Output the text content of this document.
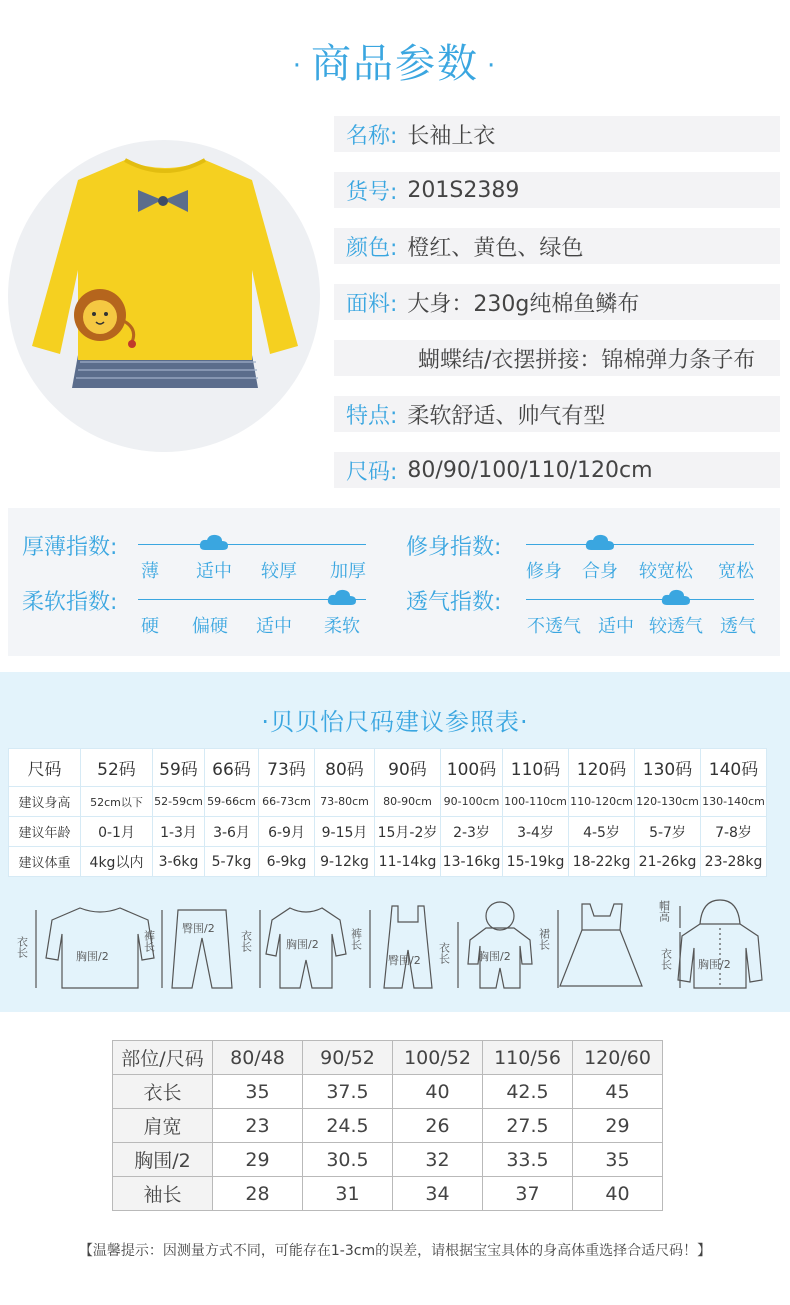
· 商品参数 ·
名称: 长袖上衣
货号: 201S2389
颜色: 橙红、黄色、绿色
面料: 大身：230g纯棉鱼鳞布
蝴蝶结/衣摆拼接：锦棉弹力条子布
特点: 柔软舒适、帅气有型
尺码: 80/90/100/110/120cm
厚薄指数:
薄 适中 较厚 加厚
修身指数:
修身 合身 较宽松 宽松
柔软指数:
硬 偏硬 适中 柔软
透气指数:
不透气 适中 较透气 透气
·贝贝怡尺码建议参照表·
尺码	52码	59码	66码	73码	80码	90码	100码	110码	120码	130码	140码
建议身高	52cm以下	52-59cm	59-66cm	66-73cm	73-80cm	80-90cm	90-100cm	100-110cm	110-120cm	120-130cm	130-140cm
建议年龄	0-1月	1-3月	3-6月	6-9月	9-15月	15月-2岁	2-3岁	3-4岁	4-5岁	5-7岁	7-8岁
建议体重	4kg以内	3-6kg	5-7kg	6-9kg	9-12kg	11-14kg	13-16kg	15-19kg	18-22kg	21-26kg	23-28kg
衣长	胸围/2
裤长
臀围/2
衣长	胸围/2	裤长
臀围/2 衣长	胸围/2
裙长
帽高
衣长 胸围/2
部位/尺码	80/48	90/52	100/52	110/56	120/60
衣长	35	37.5	40	42.5	45
肩宽	23	24.5	26	27.5	29
胸围/2	29	30.5	32	33.5	35
袖长	28	31	34	37	40
【温馨提示：因测量方式不同，可能存在1-3cm的误差，请根据宝宝具体的身高体重选择合适尺码！】
